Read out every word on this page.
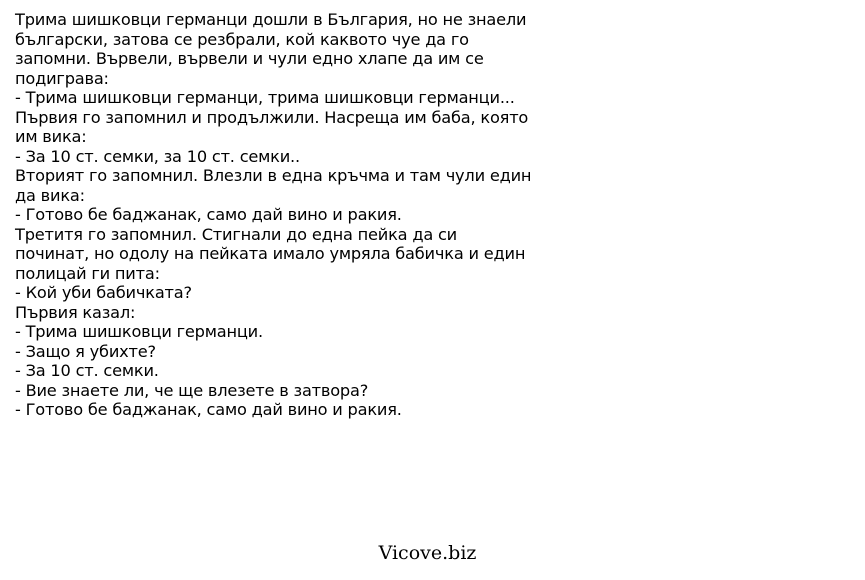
Трима шишковци германци дошли в България, но не знаели
български, затова се резбрали, кой каквото чуе да го
запомни. Вървели, вървели и чули едно хлапе да им се
подиграва:
- Трима шишковци германци, трима шишковци германци...
Първия го запомнил и продължили. Насреща им баба, която
им вика:
- За 10 ст. семки, за 10 ст. семки..
Вторият го запомнил. Влезли в една кръчма и там чули един
да вика:
- Готово бе баджанак, само дай вино и ракия.
Третитя го запомнил. Стигнали до една пейка да си
починат, но одолу на пейката имало умряла бабичка и един
полицай ги пита:
- Кой уби бабичката?
Първия казал:
- Трима шишковци германци.
- Защо я убихте?
- За 10 ст. семки.
- Вие знаете ли, че ще влезете в затвора?
- Готово бе баджанак, само дай вино и ракия.
Vicove.biz
